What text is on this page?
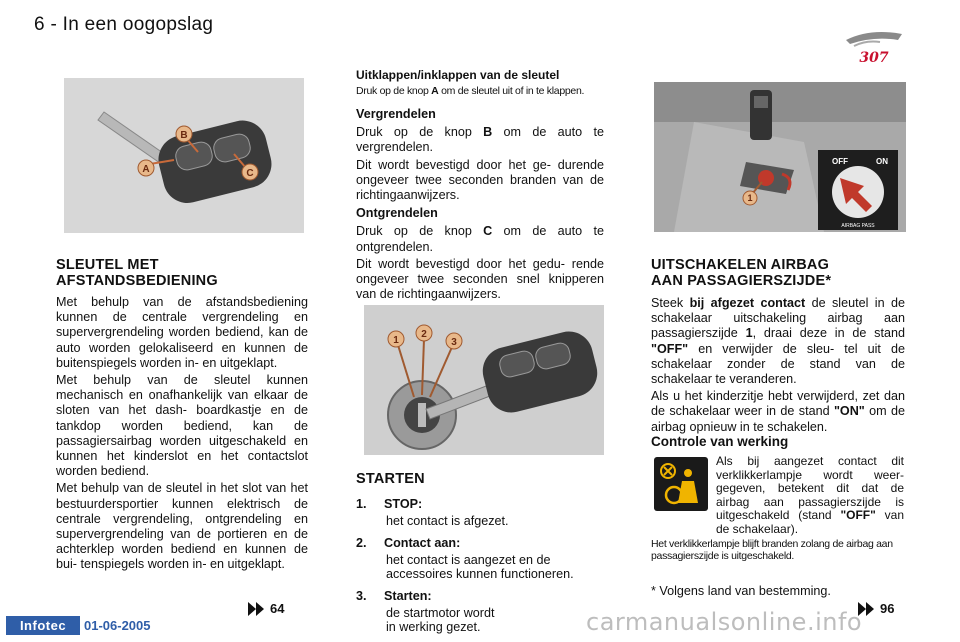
6 - In een oogopslag
307
A
B
C
SLEUTEL MET
AFSTANDSBEDIENING

Met behulp van de afstandsbediening kunnen de centrale vergrendeling en supervergrendeling worden bediend, kan de auto worden gelokaliseerd en kunnen de buitenspiegels worden in- en uitgeklapt.

Met behulp van de sleutel kunnen mechanisch en onafhankelijk van elkaar de sloten van het dash- boardkastje en de tankdop worden bediend, kan de passagiersairbag worden uitgeschakeld en kunnen het kinderslot en het contactslot worden bediend.

Met behulp van de sleutel in het slot van het bestuurdersportier kunnen elektrisch de centrale vergrendeling, ontgrendeling en supervergrendeling van de portieren en de achterklep worden bediend en kunnen de bui- tenspiegels worden in- en uitgeklapt.

64
Uitklappen/inklappen van de sleutel
Druk op de knop A om de sleutel uit of in te klappen.

Vergrendelen

Druk op de knop B om de auto te vergrendelen.

Dit wordt bevestigd door het ge- durende ongeveer twee seconden branden van de richtingaanwijzers.

Ontgrendelen

Druk op de knop C om de auto te ontgrendelen.

Dit wordt bevestigd door het gedu- rende ongeveer twee seconden snel knipperen van de richtingaanwijzers.

1
2
3
STARTEN
1. STOP:
het contact is afgezet.
2. Contact aan:
het contact is aangezet en de accessoires kunnen functioneren.
3. Starten:
de startmotor wordt in werking gezet.
1
OFF	ON
AIRBAG PASS
UITSCHAKELEN AIRBAG
AAN PASSAGIERSZIJDE*

Steek bij afgezet contact de sleutel in de schakelaar uitschakeling airbag aan passagierszijde 1, draai deze in de stand "OFF" en verwijder de sleu- tel uit de schakelaar zonder de stand van de schakelaar te veranderen.

Als u het kinderzitje hebt verwijderd, zet dan de schakelaar weer in de stand "ON" om de airbag opnieuw in te schakelen.

Controle van werking
Als bij aangezet contact dit verklikkerlampje wordt weer- gegeven, betekent dit dat de airbag aan passagierszijde is uitgeschakeld (stand "OFF" van de schakelaar).
Het verklikkerlampje blijft branden zolang de airbag aan passagierszijde is uitgeschakeld.
* Volgens land van bestemming.
96
Infotec	01-06-2005	carmanualsonline.info
